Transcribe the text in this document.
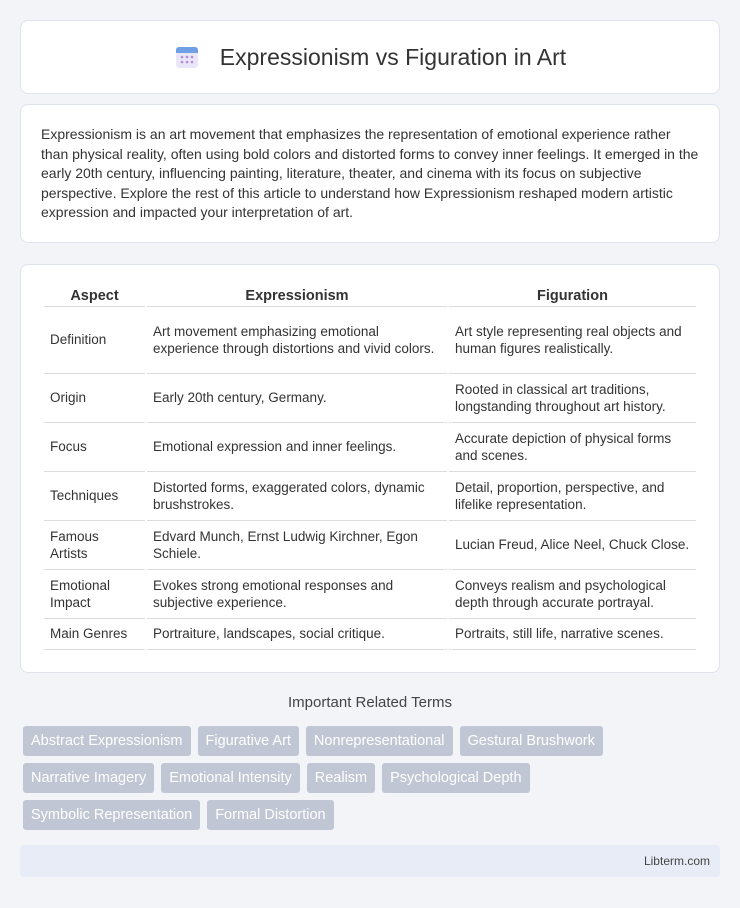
Expressionism vs Figuration in Art

Expressionism is an art movement that emphasizes the representation of emotional experience rather than physical reality, often using bold colors and distorted forms to convey inner feelings. It emerged in the early 20th century, influencing painting, literature, theater, and cinema with its focus on subjective perspective. Explore the rest of this article to understand how Expressionism reshaped modern artistic expression and impacted your interpretation of art.

Aspect	Expressionism	Figuration
Definition	Art movement emphasizing emotional experience through distortions and vivid colors.	Art style representing real objects and human figures realistically.
Origin	Early 20th century, Germany.	Rooted in classical art traditions, longstanding throughout art history.
Focus	Emotional expression and inner feelings.	Accurate depiction of physical forms and scenes.
Techniques	Distorted forms, exaggerated colors, dynamic brushstrokes.	Detail, proportion, perspective, and lifelike representation.
Famous Artists	Edvard Munch, Ernst Ludwig Kirchner, Egon Schiele.	Lucian Freud, Alice Neel, Chuck Close.
Emotional Impact	Evokes strong emotional responses and subjective experience.	Conveys realism and psychological depth through accurate portrayal.
Main Genres	Portraiture, landscapes, social critique.	Portraits, still life, narrative scenes.
Important Related Terms
Abstract Expressionism	Figurative Art	Nonrepresentational	Gestural Brushwork
Narrative Imagery	Emotional Intensity	Realism	Psychological Depth
Symbolic Representation	Formal Distortion
Libterm.com
